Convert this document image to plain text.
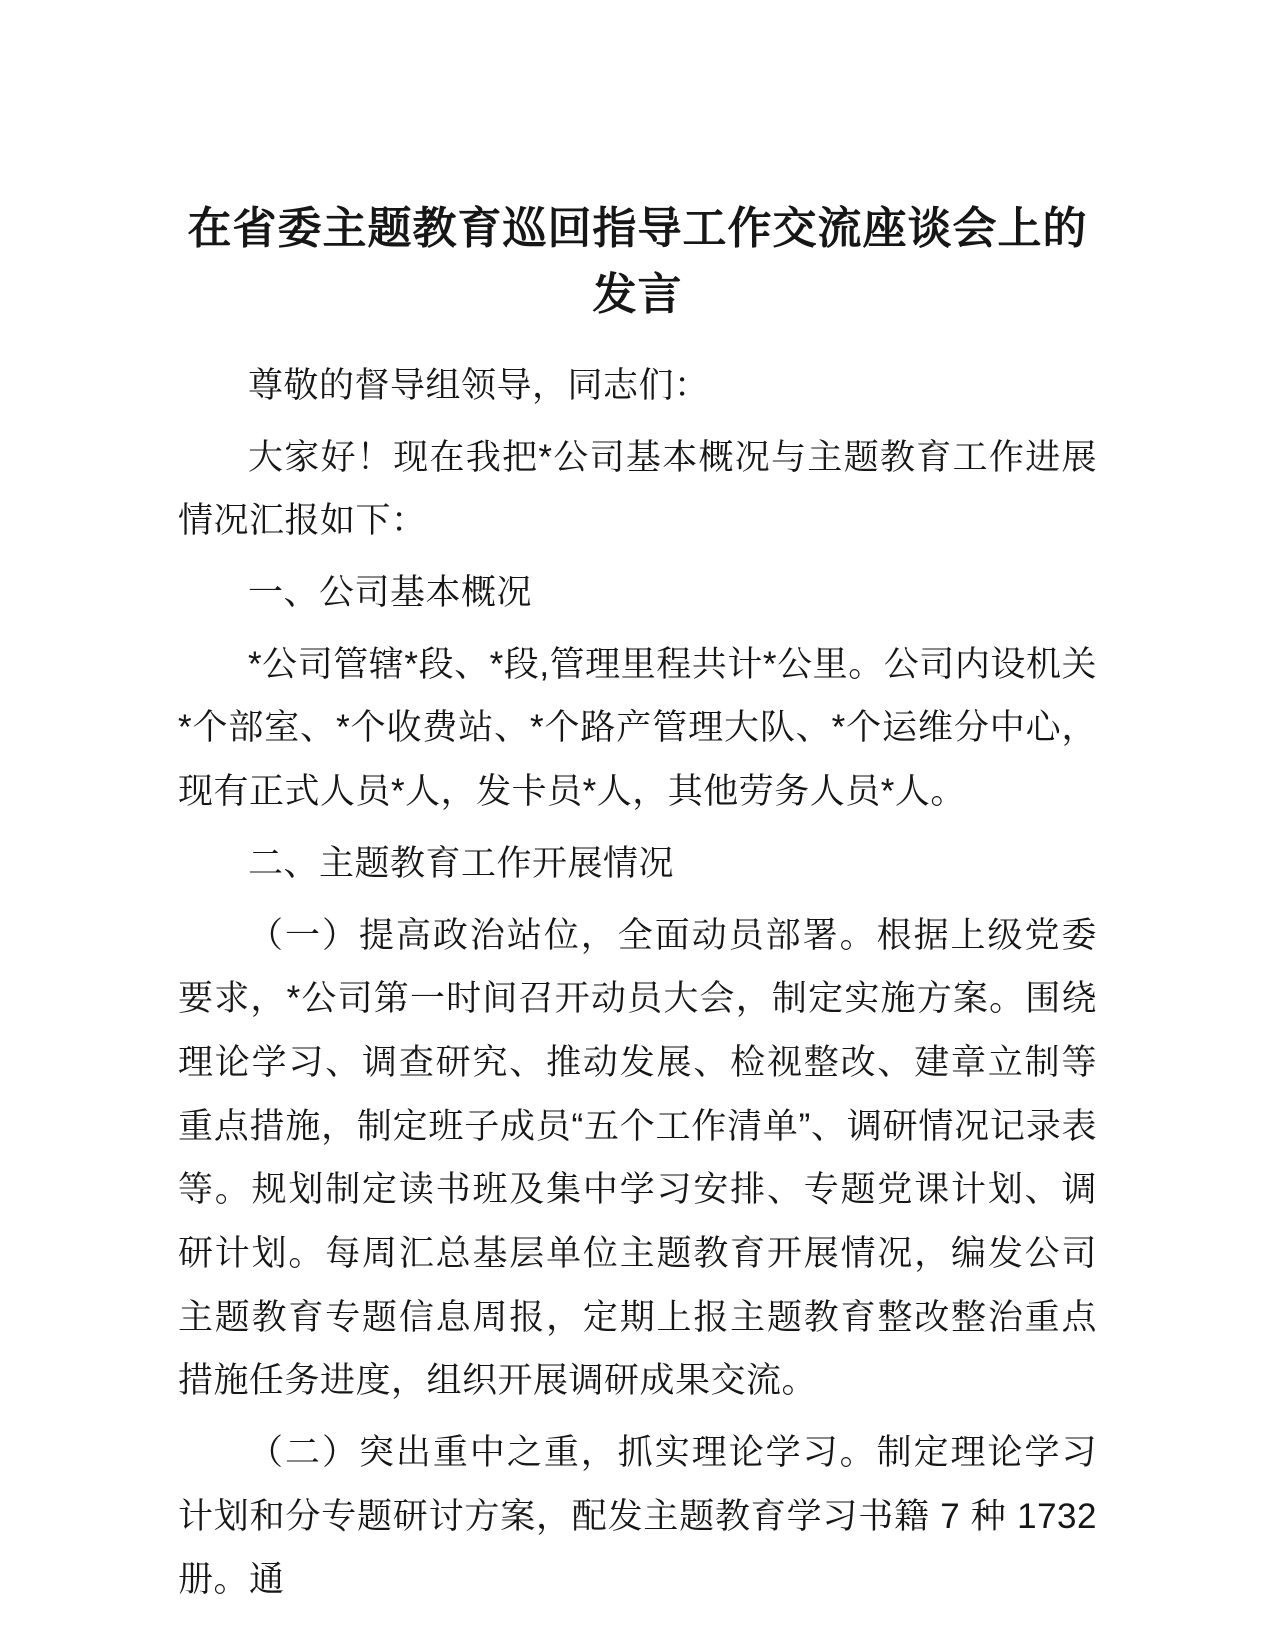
在省委主题教育巡回指导工作交流座谈会上的发言

尊敬的督导组领导，同志们：

大家好！现在我把*公司基本概况与主题教育工作进展情况汇报如下：

一、公司基本概况

*公司管辖*段、*段,管理里程共计*公里。公司内设机关*个部室、*个收费站、*个路产管理大队、*个运维分中心，现有正式人员*人，发卡员*人，其他劳务人员*人。

二、主题教育工作开展情况

（一）提高政治站位，全面动员部署。根据上级党委要求，*公司第一时间召开动员大会，制定实施方案。围绕理论学习、调查研究、推动发展、检视整改、建章立制等重点措施，制定班子成员“五个工作清单”、调研情况记录表等。规划制定读书班及集中学习安排、专题党课计划、调研计划。每周汇总基层单位主题教育开展情况，编发公司主题教育专题信息周报，定期上报主题教育整改整治重点措施任务进度，组织开展调研成果交流。

（二）突出重中之重，抓实理论学习。制定理论学习计划和分专题研讨方案，配发主题教育学习书籍 7 种 1732 册。通
